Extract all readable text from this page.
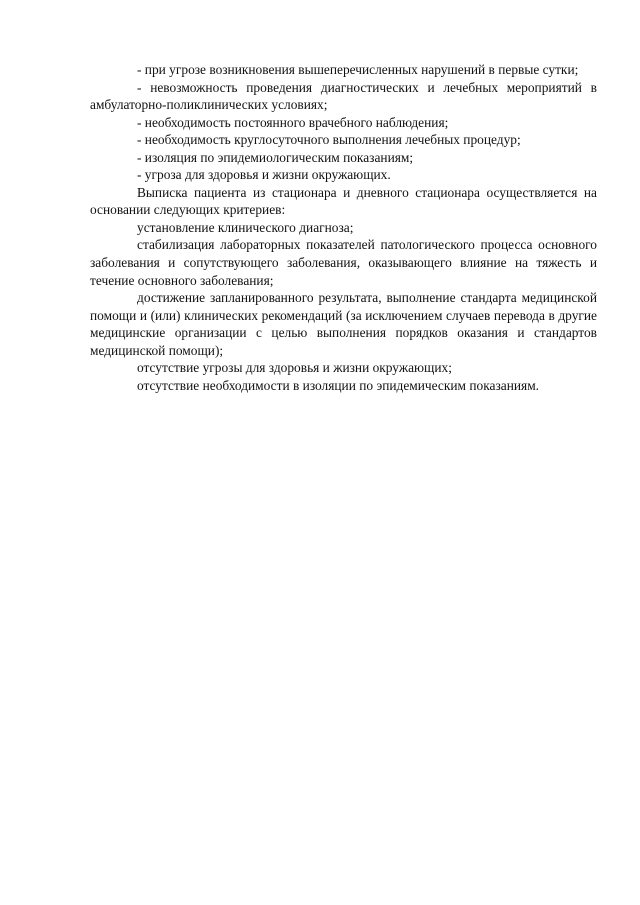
- при угрозе возникновения вышеперечисленных нарушений в первые сутки;

- невозможность проведения диагностических и лечебных мероприятий в амбулаторно-поликлинических условиях;

- необходимость постоянного врачебного наблюдения;

- необходимость круглосуточного выполнения лечебных процедур;

- изоляция по эпидемиологическим показаниям;

- угроза для здоровья и жизни окружающих.

Выписка пациента из стационара и дневного стационара осуществляется на основании следующих критериев:

установление клинического диагноза;

стабилизация лабораторных показателей патологического процесса основного заболевания и сопутствующего заболевания, оказывающего влияние на тяжесть и течение основного заболевания;

достижение запланированного результата, выполнение стандарта медицинской помощи и (или) клинических рекомендаций (за исключением случаев перевода в другие медицинские организации с целью выполнения порядков оказания и стандартов медицинской помощи);

отсутствие угрозы для здоровья и жизни окружающих;

отсутствие необходимости в изоляции по эпидемическим показаниям.
